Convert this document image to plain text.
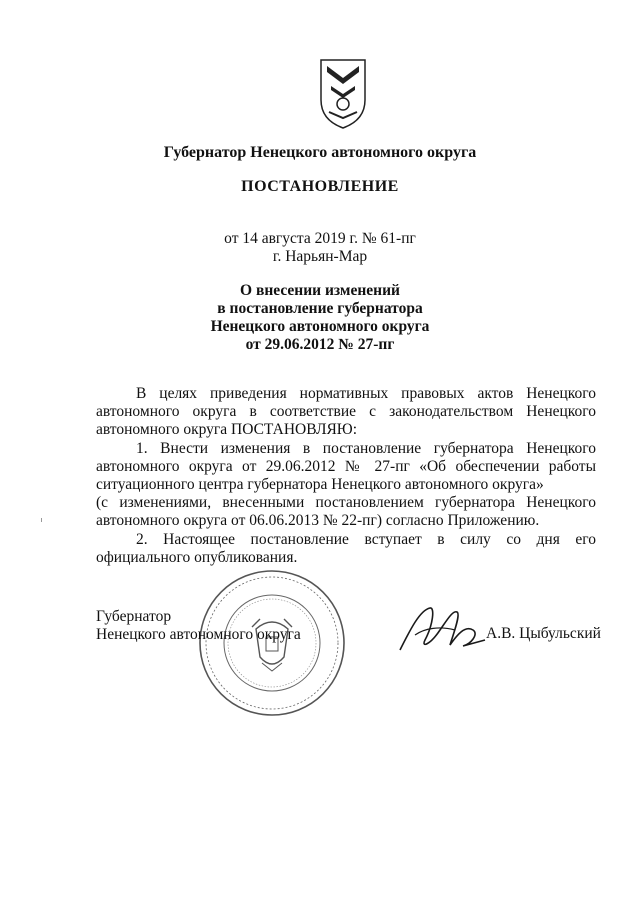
Губернатор Ненецкого автономного округа
ПОСТАНОВЛЕНИЕ
от 14 августа 2019 г. № 61-пг
г. Нарьян-Мар
О внесении изменений
в постановление губернатора
Ненецкого автономного округа
от 29.06.2012 № 27-пг

В целях приведения нормативных правовых актов Ненецкого автономного округа в соответствие с законодательством Ненецкого автономного округа ПОСТАНОВЛЯЮ:

1. Внести изменения в постановление губернатора Ненецкого автономного округа от 29.06.2012 № 27-пг «Об обеспечении работы ситуационного центра губернатора Ненецкого автономного округа»

(с изменениями, внесенными постановлением губернатора Ненецкого автономного округа от 06.06.2013 № 22-пг) согласно Приложению.

2. Настоящее постановление вступает в силу со дня его официального опубликования.

Губернатор
Ненецкого автономного округа	А.В. Цыбульский
